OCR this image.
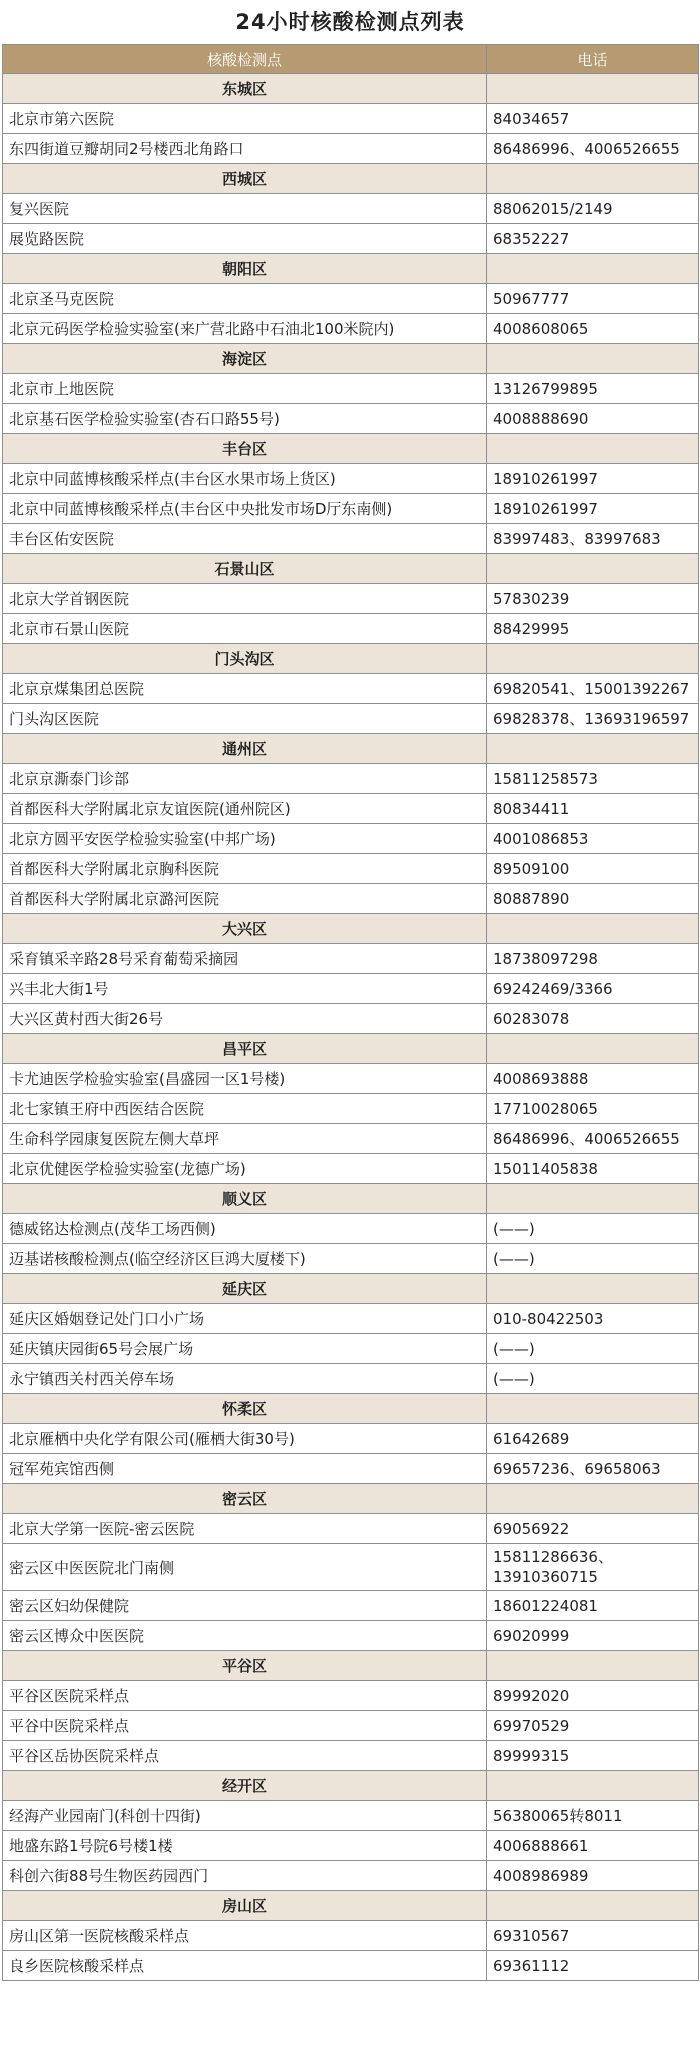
24小时核酸检测点列表
核酸检测点	电话
东城区	
北京市第六医院	84034657
东四街道豆瓣胡同2号楼西北角路口	86486996、4006526655
西城区	
复兴医院	88062015/2149
展览路医院	68352227
朝阳区	
北京圣马克医院	50967777
北京元码医学检验实验室(来广营北路中石油北100米院内)	4008608065
海淀区	
北京市上地医院	13126799895
北京基石医学检验实验室(杏石口路55号)	4008888690
丰台区	
北京中同蓝博核酸采样点(丰台区水果市场上货区)	18910261997
北京中同蓝博核酸采样点(丰台区中央批发市场D厅东南侧)	18910261997
丰台区佑安医院	83997483、83997683
石景山区	
北京大学首钢医院	57830239
北京市石景山医院	88429995
门头沟区	
北京京煤集团总医院	69820541、15001392267
门头沟区医院	69828378、13693196597
通州区	
北京京澌泰门诊部	15811258573
首都医科大学附属北京友谊医院(通州院区)	80834411
北京方圆平安医学检验实验室(中邦广场)	4001086853
首都医科大学附属北京胸科医院	89509100
首都医科大学附属北京潞河医院	80887890
大兴区	
采育镇采辛路28号采育葡萄采摘园	18738097298
兴丰北大街1号	69242469/3366
大兴区黄村西大街26号	60283078
昌平区	
卡尤迪医学检验实验室(昌盛园一区1号楼)	4008693888
北七家镇王府中西医结合医院	17710028065
生命科学园康复医院左侧大草坪	86486996、4006526655
北京优健医学检验实验室(龙德广场)	15011405838
顺义区	
德威铭达检测点(茂华工场西侧)	(——)
迈基诺核酸检测点(临空经济区巨鸿大厦楼下)	(——)
延庆区	
延庆区婚姻登记处门口小广场	010-80422503
延庆镇庆园街65号会展广场	(——)
永宁镇西关村西关停车场	(——)
怀柔区	
北京雁栖中央化学有限公司(雁栖大街30号)	61642689
冠军苑宾馆西侧	69657236、69658063
密云区	
北京大学第一医院-密云医院	69056922
密云区中医医院北门南侧	15811286636、
13910360715
密云区妇幼保健院	18601224081
密云区博众中医医院	69020999
平谷区	
平谷区医院采样点	89992020
平谷中医院采样点	69970529
平谷区岳协医院采样点	89999315
经开区	
经海产业园南门(科创十四街)	56380065转8011
地盛东路1号院6号楼1楼	4006888661
科创六街88号生物医药园西门	4008986989
房山区	
房山区第一医院核酸采样点	69310567
良乡医院核酸采样点	69361112
